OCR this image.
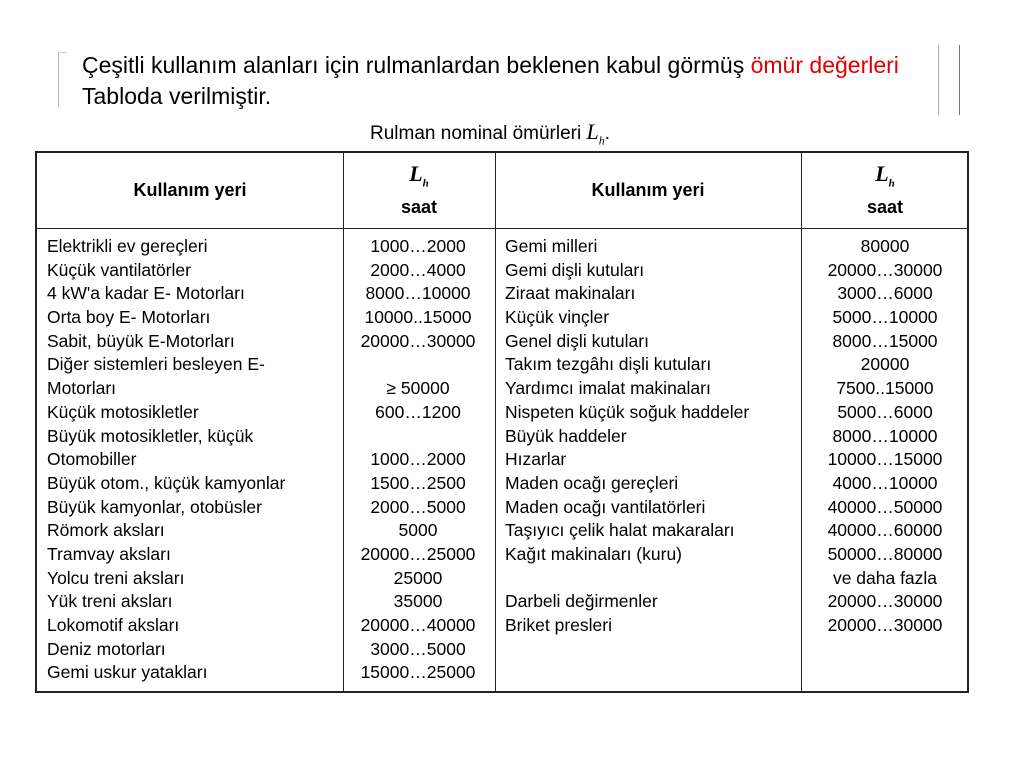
Çeşitli kullanım alanları için rulmanlardan beklenen kabul görmüş ömür değerleri Tabloda verilmiştir.
Rulman nominal ömürleri $L_h$.
Kullanım yeri
$L_h$
saat
Kullanım yeri
$L_h$
saat
Elektrikli ev gereçleri
Küçük vantilatörler
4 kW'a kadar E- Motorları
Orta boy E- Motorları
Sabit, büyük E-Motorları
Diğer sistemleri besleyen E-
Motorları
Küçük motosikletler
Büyük motosikletler, küçük
Otomobiller
Büyük otom., küçük kamyonlar
Büyük kamyonlar, otobüsler
Römork aksları
Tramvay aksları
Yolcu treni aksları
Yük treni aksları
Lokomotif aksları
Deniz motorları
Gemi uskur yatakları
1000…2000
2000…4000
8000…10000
10000..15000
20000…30000
≥ 50000
600…1200
1000…2000
1500…2500
2000…5000
5000
20000…25000
25000
35000
20000…40000
3000…5000
15000…25000
Gemi milleri
Gemi dişli kutuları
Ziraat makinaları
Küçük vinçler
Genel dişli kutuları
Takım tezgâhı dişli kutuları
Yardımcı imalat makinaları
Nispeten küçük soğuk haddeler
Büyük haddeler
Hızarlar
Maden ocağı gereçleri
Maden ocağı vantilatörleri
Taşıyıcı çelik halat makaraları
Kağıt makinaları (kuru)
Darbeli değirmenler
Briket presleri
80000
20000…30000
3000…6000
5000…10000
8000…15000
20000
7500..15000
5000…6000
8000…10000
10000…15000
4000…10000
40000…50000
40000…60000
50000…80000
ve daha fazla
20000…30000
20000…30000
